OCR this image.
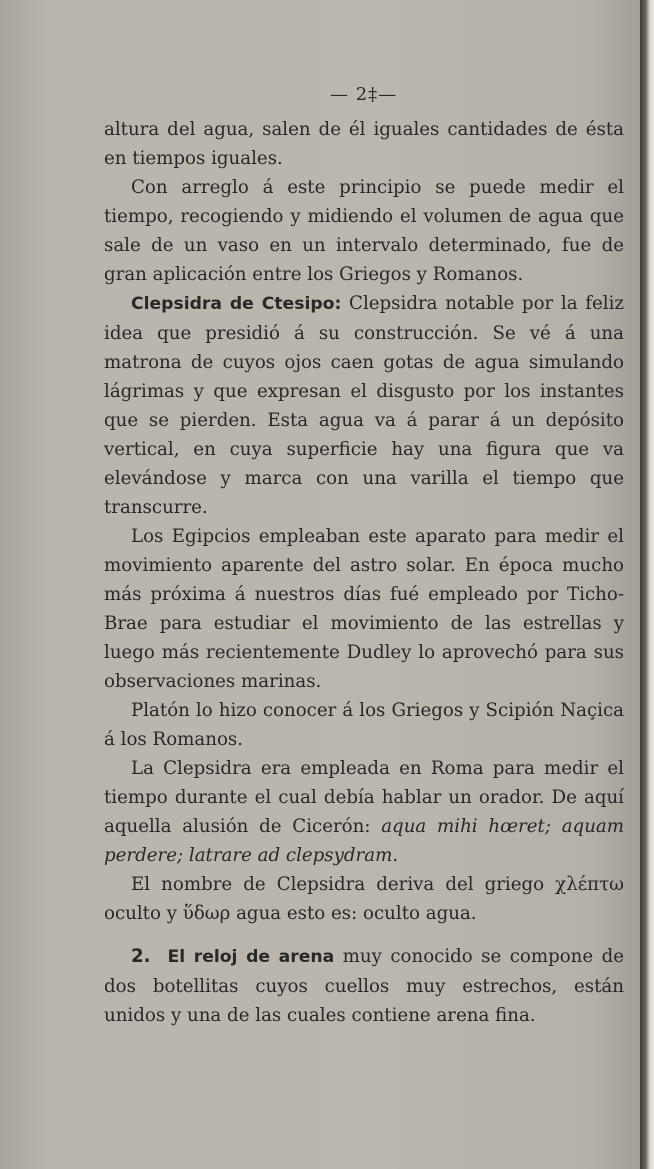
— 2‡—

altura del agua, salen de él iguales cantidades de ésta en tiempos iguales.

Con arreglo á este principio se puede medir el tiempo, recogiendo y midiendo el volumen de agua que sale de un vaso en un intervalo determinado, fue de gran aplicación entre los Griegos y Romanos.

Clepsidra de Ctesipo: Clepsidra notable por la feliz idea que presidió á su construcción. Se vé á una matrona de cuyos ojos caen gotas de agua simulando lágrimas y que expresan el disgusto por los instantes que se pierden. Esta agua va á parar á un depósito vertical, en cuya superficie hay una figura que va elevándose y marca con una varilla el tiempo que transcurre.

Los Egipcios empleaban este aparato para medir el movimiento aparente del astro solar. En época mucho más próxima á nuestros días fué empleado por Ticho-Brae para estudiar el movimiento de las estrellas y luego más recientemente Dudley lo aprovechó para sus observaciones marinas.

Platón lo hizo conocer á los Griegos y Scipión Naçica á los Romanos.

La Clepsidra era empleada en Roma para medir el tiempo durante el cual debía hablar un orador. De aquí aquella alusión de Cicerón: aqua mihi hœret; aquam perdere; latrare ad clepsydram.

El nombre de Clepsidra deriva del griego χλέπτω oculto y ὕδωρ agua esto es: oculto agua.

2. El reloj de arena muy conocido se compone de dos botellitas cuyos cuellos muy estrechos, están unidos y una de las cuales contiene arena fina.
